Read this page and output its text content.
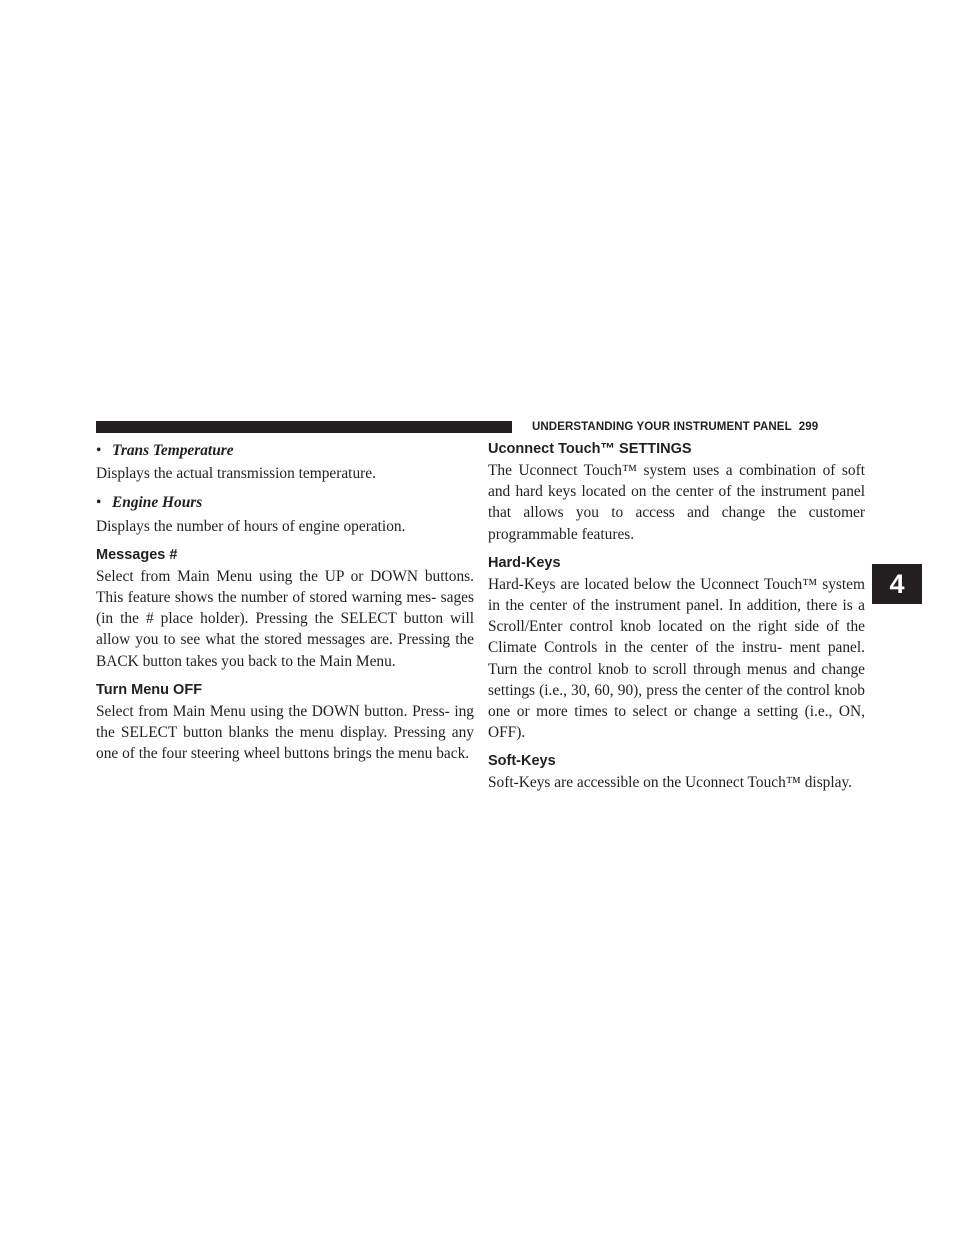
UNDERSTANDING YOUR INSTRUMENT PANEL 299
• Trans Temperature

Displays the actual transmission temperature.

• Engine Hours

Displays the number of hours of engine operation.

Messages #

Select from Main Menu using the UP or DOWN buttons. This feature shows the number of stored warning mes- sages (in the # place holder). Pressing the SELECT button will allow you to see what the stored messages are. Pressing the BACK button takes you back to the Main Menu.

Turn Menu OFF

Select from Main Menu using the DOWN button. Press- ing the SELECT button blanks the menu display. Pressing any one of the four steering wheel buttons brings the menu back.

Uconnect Touch™ SETTINGS

The Uconnect Touch™ system uses a combination of soft and hard keys located on the center of the instrument panel that allows you to access and change the customer programmable features.

Hard-Keys

Hard-Keys are located below the Uconnect Touch™ system in the center of the instrument panel. In addition, there is a Scroll/Enter control knob located on the right side of the Climate Controls in the center of the instru- ment panel. Turn the control knob to scroll through menus and change settings (i.e., 30, 60, 90), press the center of the control knob one or more times to select or change a setting (i.e., ON, OFF).

Soft-Keys

Soft-Keys are accessible on the Uconnect Touch™ display.

4
